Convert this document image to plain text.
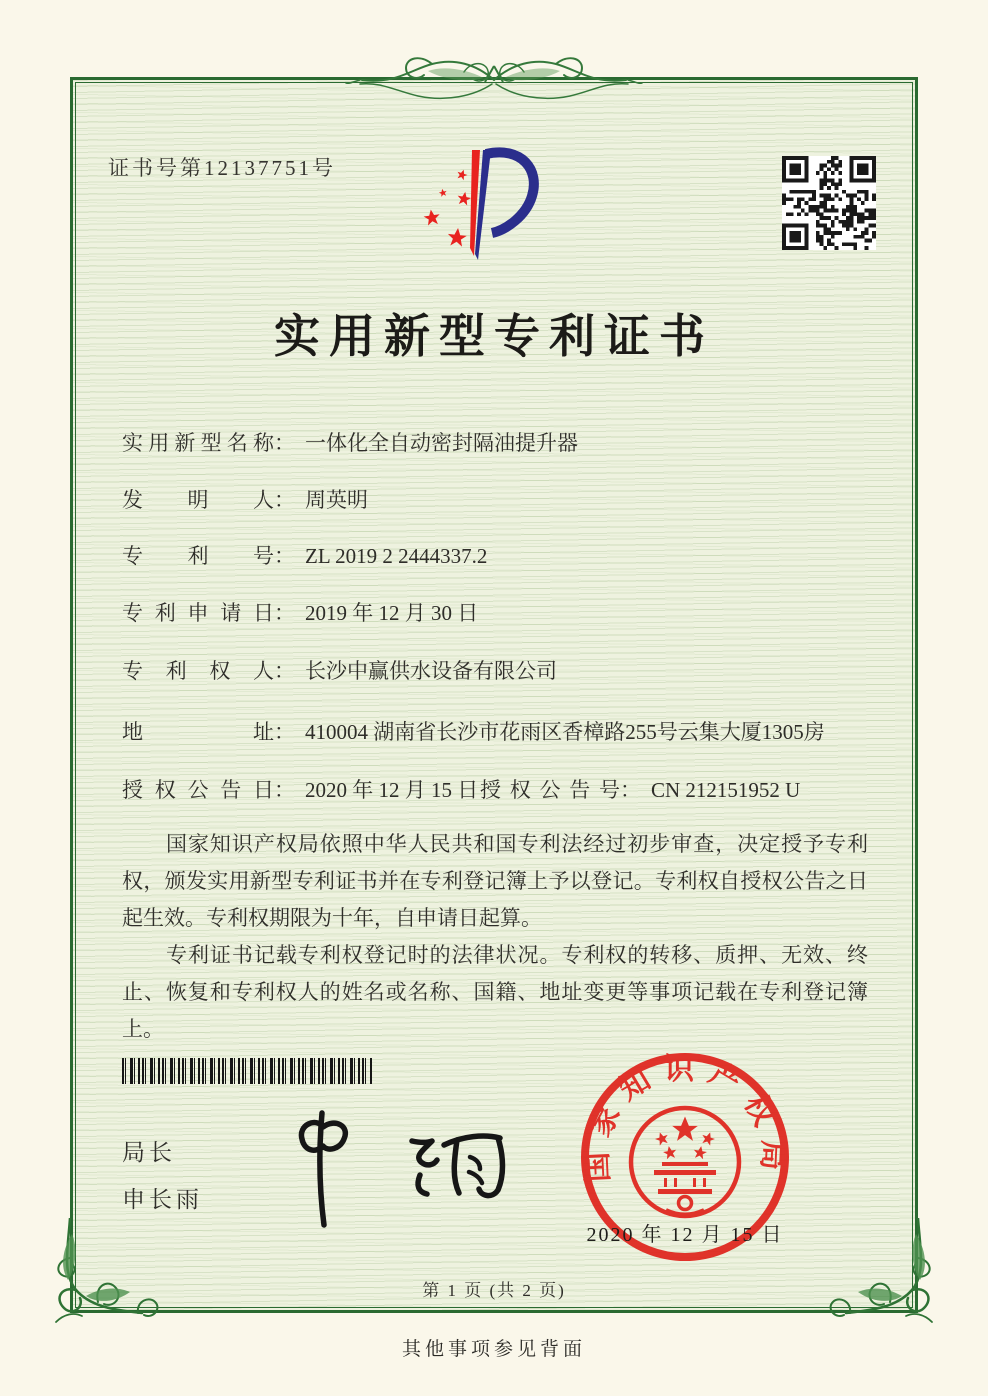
证书号第12137751号
实用新型专利证书
实用新型名称： 一体化全自动密封隔油提升器
发明人： 周英明
专利号： ZL 2019 2 2444337.2
专利申请日： 2019 年 12 月 30 日
专利权人： 长沙中赢供水设备有限公司
地址： 410004 湖南省长沙市花雨区香樟路255号云集大厦1305房
授权公告日： 2020 年 12 月 15 日 授权公告号： CN 212151952 U

国家知识产权局依照中华人民共和国专利法经过初步审查，决定授予专利权，颁发实用新型专利证书并在专利登记簿上予以登记。专利权自授权公告之日起生效。专利权期限为十年，自申请日起算。

专利证书记载专利权登记时的法律状况。专利权的转移、质押、无效、终止、恢复和专利权人的姓名或名称、国籍、地址变更等事项记载在专利登记簿上。

局长
申长雨
国家知识产权局
2020 年 12 月 15 日
第 1 页 (共 2 页)
其他事项参见背面
